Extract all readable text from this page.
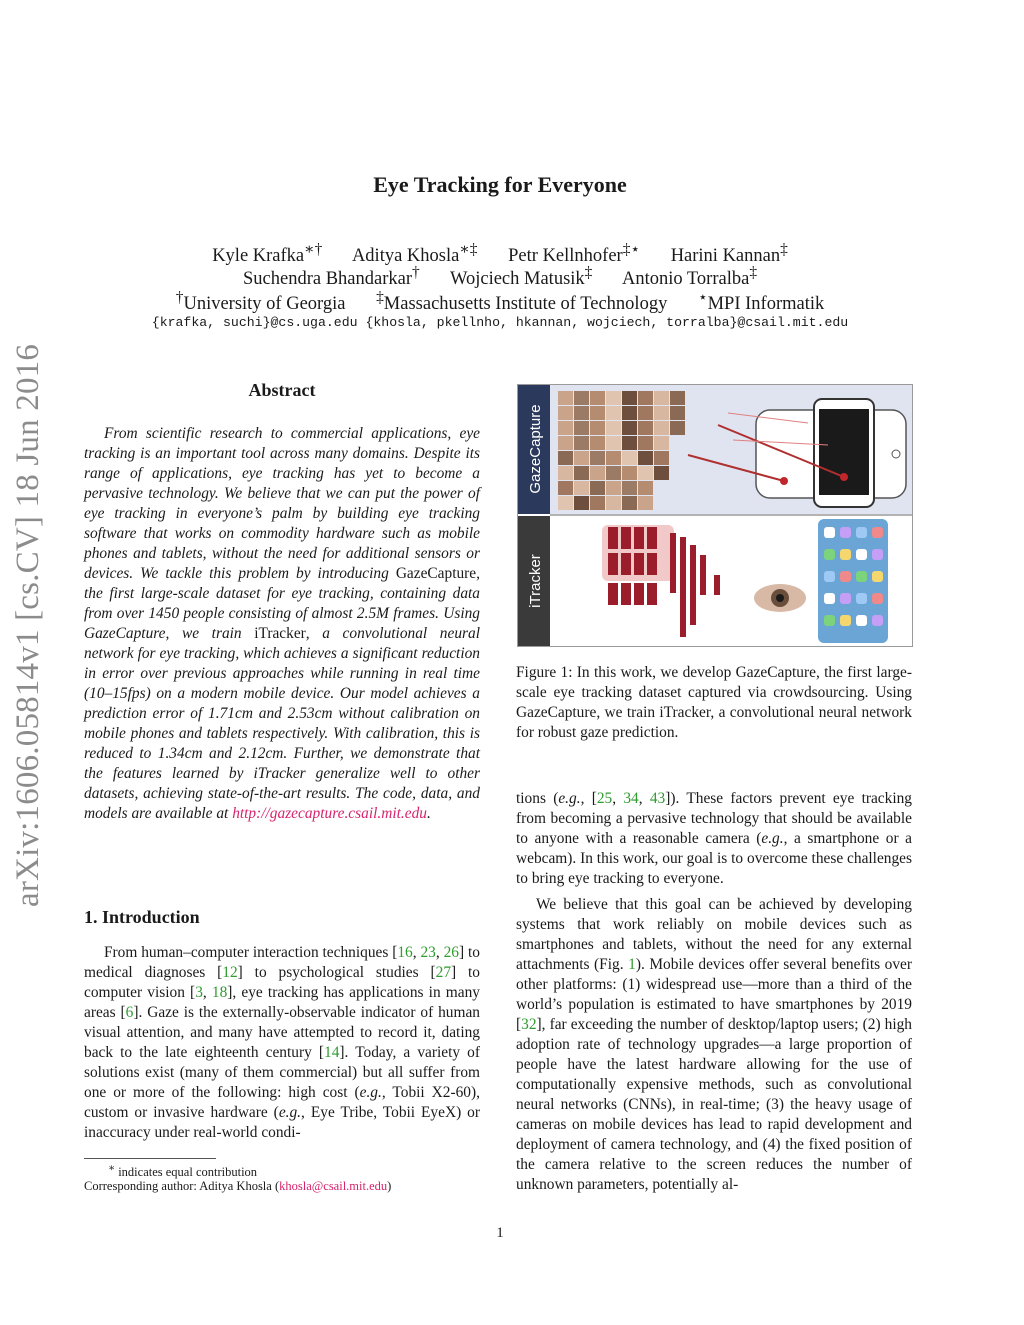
arXiv:1606.05814v1 [cs.CV] 18 Jun 2016
Eye Tracking for Everyone
Kyle Krafka∗† Aditya Khosla∗‡ Petr Kellnhofer‡⋆ Harini Kannan‡
Suchendra Bhandarkar† Wojciech Matusik‡ Antonio Torralba‡
†University of Georgia ‡Massachusetts Institute of Technology ⋆MPI Informatik
{krafka, suchi}@cs.uga.edu {khosla, pkellnho, hkannan, wojciech, torralba}@csail.mit.edu
Abstract

From scientific research to commercial applications, eye tracking is an important tool across many domains. Despite its range of applications, eye tracking has yet to become a pervasive technology. We believe that we can put the power of eye tracking in everyone’s palm by building eye tracking software that works on commodity hardware such as mobile phones and tablets, without the need for additional sensors or devices. We tackle this problem by introducing GazeCapture, the first large-scale dataset for eye tracking, containing data from over 1450 people consisting of almost 2.5M frames. Using GazeCapture, we train iTracker, a convolutional neural network for eye tracking, which achieves a significant reduction in error over previous approaches while running in real time (10–15fps) on a modern mobile device. Our model achieves a prediction error of 1.71cm and 2.53cm without calibration on mobile phones and tablets respectively. With calibration, this is reduced to 1.34cm and 2.12cm. Further, we demonstrate that the features learned by iTracker generalize well to other datasets, achieving state-of-the-art results. The code, data, and models are available at http://gazecapture.csail.mit.edu.

1. Introduction

From human–computer interaction techniques [16, 23, 26] to medical diagnoses [12] to psychological studies [27] to computer vision [3, 18], eye tracking has applications in many areas [6]. Gaze is the externally-observable indicator of human visual attention, and many have attempted to record it, dating back to the late eighteenth century [14]. Today, a variety of solutions exist (many of them commercial) but all suffer from one or more of the following: high cost (e.g., Tobii X2-60), custom or invasive hardware (e.g., Eye Tribe, Tobii EyeX) or inaccuracy under real-world condi-

∗ indicates equal contribution
Corresponding author: Aditya Khosla (khosla@csail.mit.edu)
GazeCapture
iTracker
Figure 1: In this work, we develop GazeCapture, the first large-scale eye tracking dataset captured via crowdsourcing. Using GazeCapture, we train iTracker, a convolutional neural network for robust gaze prediction.

tions (e.g., [25, 34, 43]). These factors prevent eye tracking from becoming a pervasive technology that should be available to anyone with a reasonable camera (e.g., a smartphone or a webcam). In this work, our goal is to overcome these challenges to bring eye tracking to everyone.

We believe that this goal can be achieved by developing systems that work reliably on mobile devices such as smartphones and tablets, without the need for any external attachments (Fig. 1). Mobile devices offer several benefits over other platforms: (1) widespread use—more than a third of the world’s population is estimated to have smartphones by 2019 [32], far exceeding the number of desktop/laptop users; (2) high adoption rate of technology upgrades—a large proportion of people have the latest hardware allowing for the use of computationally expensive methods, such as convolutional neural networks (CNNs), in real-time; (3) the heavy usage of cameras on mobile devices has lead to rapid development and deployment of camera technology, and (4) the fixed position of the camera relative to the screen reduces the number of unknown parameters, potentially al-

1
